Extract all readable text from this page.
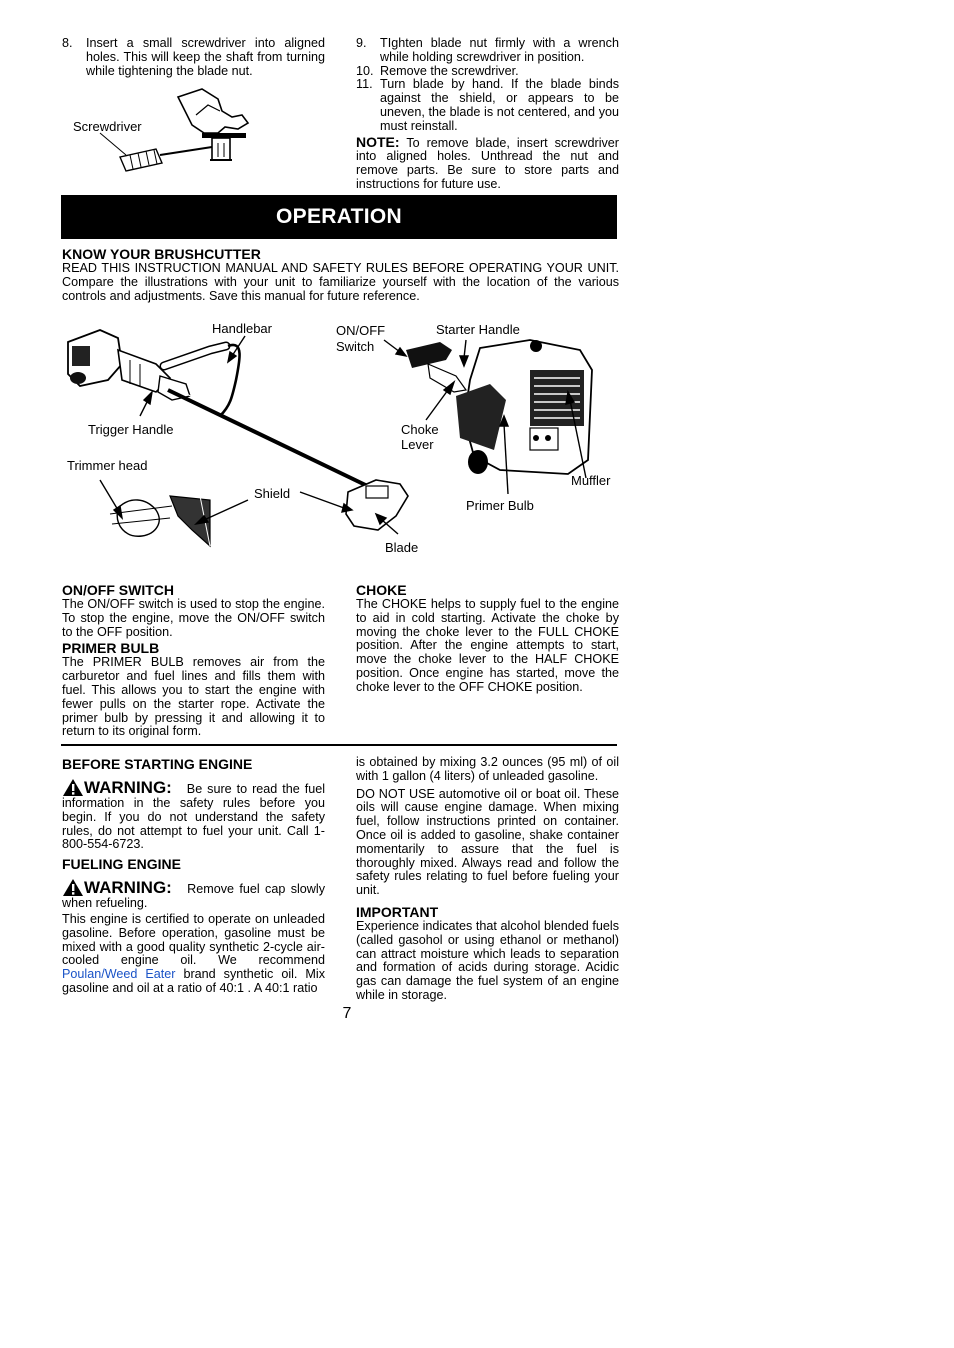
8.	Insert a small screwdriver into aligned holes. This will keep the shaft from turning while tightening the blade nut.
Screwdriver
9.	TIghten blade nut firmly with a wrench while holding screwdriver in position.
10. Remove the screwdriver.
11. Turn blade by hand. If the blade binds against the shield, or appears to be uneven, the blade is not centered, and you must reinstall.
NOTE: To remove blade, insert screwdriver into aligned holes. Unthread the nut and remove parts. Be sure to store parts and instructions for future use.
OPERATION
KNOW YOUR BRUSHCUTTER
READ THIS INSTRUCTION MANUAL AND SAFETY RULES BEFORE OPERATING YOUR UNIT. Compare the illustrations with your unit to familiarize yourself with the location of the various controls and adjustments. Save this manual for future reference.
Handlebar	ON/OFF
Switch
Starter Handle
Trigger Handle	Choke
Lever
Trimmer head
Shield
Muffler
Primer Bulb
Blade
ON/OFF SWITCH
The ON/OFF switch is used to stop the engine. To stop the engine, move the ON/OFF switch to the OFF position.
PRIMER BULB
The PRIMER BULB removes air from the carburetor and fuel lines and fills them with fuel. This allows you to start the engine with fewer pulls on the starter rope. Activate the primer bulb by pressing it and allowing it to return to its original form.
CHOKE
The CHOKE helps to supply fuel to the engine to aid in cold starting. Activate the choke by moving the choke lever to the FULL CHOKE position. After the engine attempts to start, move the choke lever to the HALF CHOKE position. Once engine has started, move the choke lever to the OFF CHOKE position.
BEFORE STARTING ENGINE
WARNING: Be sure to read the fuel information in the safety rules before you begin. If you do not understand the safety rules, do not attempt to fuel your unit. Call 1-800-554-6723.
FUELING ENGINE
WARNING: Remove fuel cap slowly when refueling.
This engine is certified to operate on unleaded gasoline. Before operation, gasoline must be mixed with a good quality synthetic 2-cycle air-cooled engine oil. We recommend Poulan/Weed Eater brand synthetic oil. Mix gasoline and oil at a ratio of 40:1 . A 40:1 ratio
is obtained by mixing 3.2 ounces (95 ml) of oil with 1 gallon (4 liters) of unleaded gasoline.
DO NOT USE automotive oil or boat oil. These oils will cause engine damage. When mixing fuel, follow instructions printed on container. Once oil is added to gasoline, shake container momentarily to assure that the fuel is thoroughly mixed. Always read and follow the safety rules relating to fuel before fueling your unit.
IMPORTANT
Experience indicates that alcohol blended fuels (called gasohol or using ethanol or methanol) can attract moisture which leads to separation and formation of acids during storage. Acidic gas can damage the fuel system of an engine while in storage.
7
